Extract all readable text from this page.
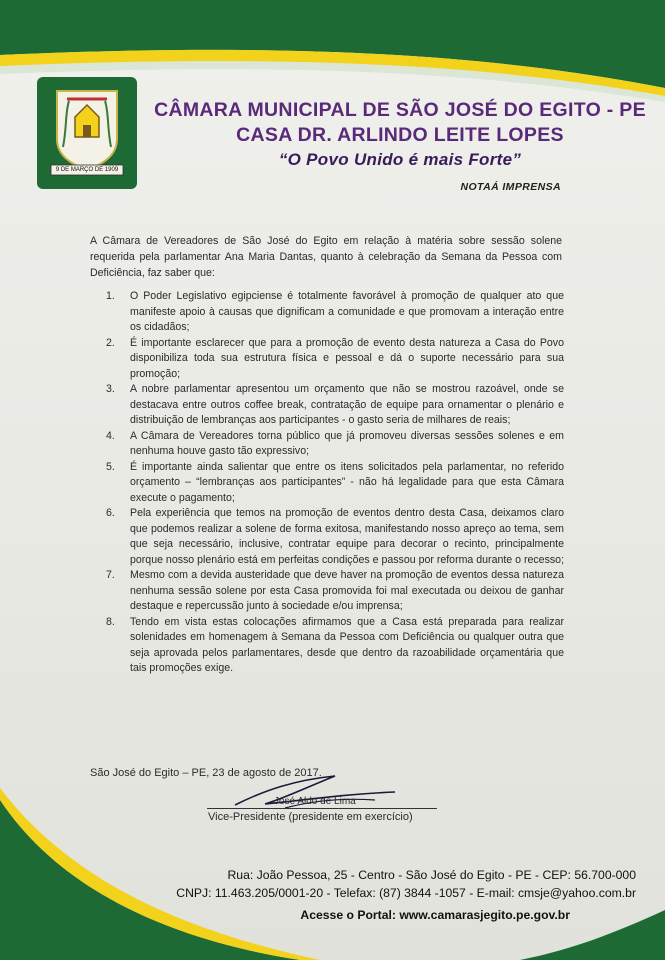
9 DE MARÇO DE 1909
CÂMARA MUNICIPAL DE SÃO JOSÉ DO EGITO - PE
CASA DR. ARLINDO LEITE LOPES
“O Povo Unido é mais Forte”
NOTAÁ IMPRENSA
A Câmara de Vereadores de São José do Egito em relação à matéria sobre sessão solene requerida pela parlamentar Ana Maria Dantas, quanto à celebração da Semana da Pessoa com Deficiência, faz saber que:
1. O Poder Legislativo egipciense é totalmente favorável à promoção de qualquer ato que manifeste apoio à causas que dignificam a comunidade e que promovam a interação entre os cidadãos;
2. É importante esclarecer que para a promoção de evento desta natureza a Casa do Povo disponibiliza toda sua estrutura física e pessoal e dá o suporte necessário para sua promoção;
3. A nobre parlamentar apresentou um orçamento que não se mostrou razoável, onde se destacava entre outros coffee break, contratação de equipe para ornamentar o plenário e distribuição de lembranças aos participantes - o gasto seria de milhares de reais;
4. A Câmara de Vereadores torna público que já promoveu diversas sessões solenes e em nenhuma houve gasto tão expressivo;
5. É importante ainda salientar que entre os itens solicitados pela parlamentar, no referido orçamento – “lembranças aos participantes” - não há legalidade para que esta Câmara execute o pagamento;
6. Pela experiência que temos na promoção de eventos dentro desta Casa, deixamos claro que podemos realizar a solene de forma exitosa, manifestando nosso apreço ao tema, sem que seja necessário, inclusive, contratar equipe para decorar o recinto, principalmente porque nosso plenário está em perfeitas condições e passou por reforma durante o recesso;
7. Mesmo com a devida austeridade que deve haver na promoção de eventos dessa natureza nenhuma sessão solene por esta Casa promovida foi mal executada ou deixou de ganhar destaque e repercussão junto à sociedade e/ou imprensa;
8. Tendo em vista estas colocações afirmamos que a Casa está preparada para realizar solenidades em homenagem à Semana da Pessoa com Deficiência ou qualquer outra que seja aprovada pelos parlamentares, desde que dentro da razoabilidade orçamentária que tais promoções exige.
São José do Egito – PE, 23 de agosto de 2017.
José Aldo de Lima
Vice-Presidente (presidente em exercício)
Rua: João Pessoa, 25 - Centro - São José do Egito - PE - CEP: 56.700-000
CNPJ: 11.463.205/0001-20 - Telefax: (87) 3844 -1057 - E-mail: cmsje@yahoo.com.br
Acesse o Portal: www.camarasjegito.pe.gov.br
